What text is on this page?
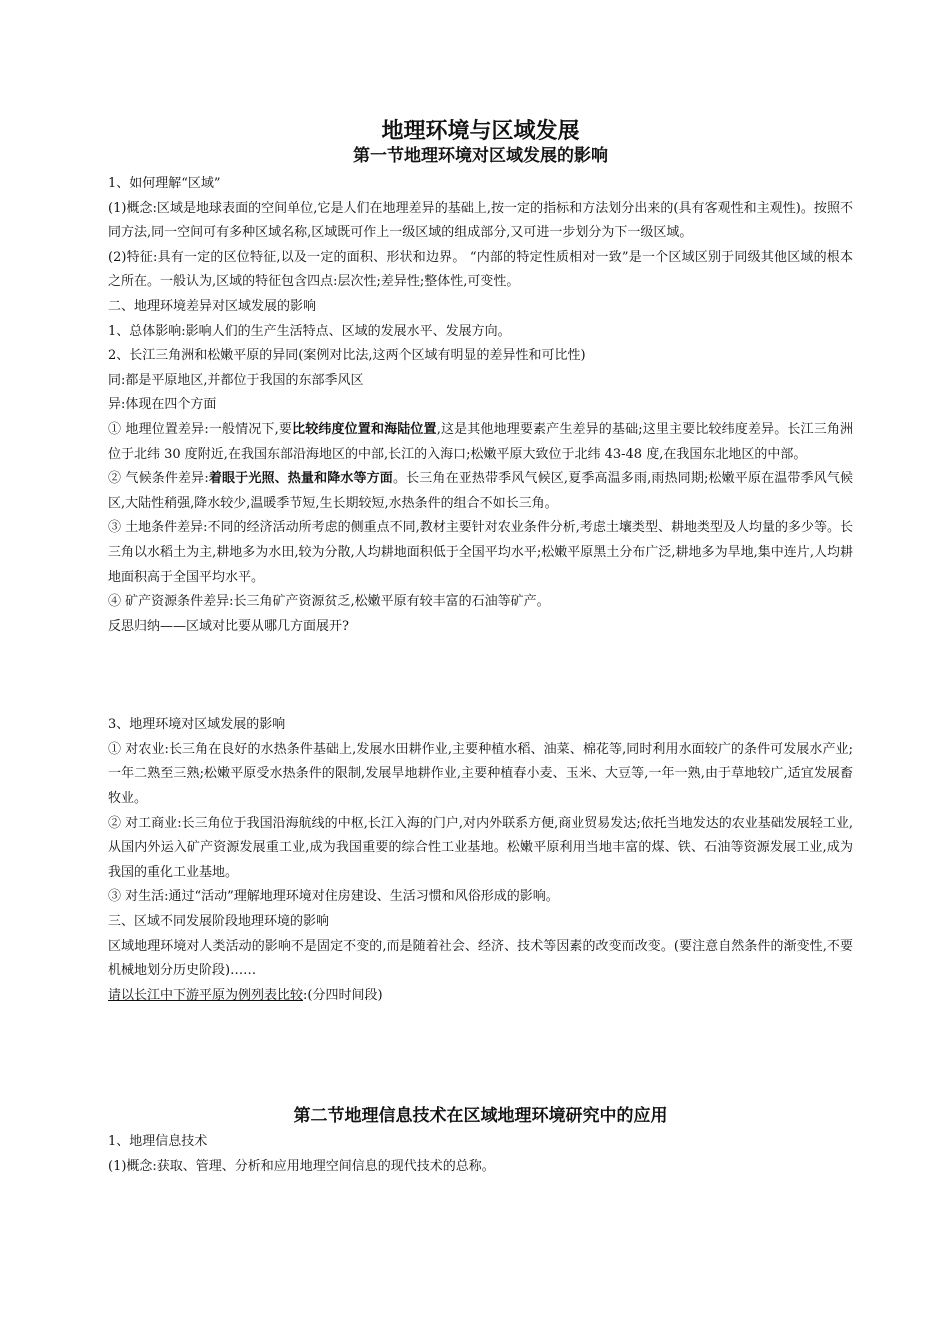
地理环境与区域发展
第一节地理环境对区域发展的影响

1、如何理解“区域”

(1)概念:区域是地球表面的空间单位,它是人们在地理差异的基础上,按一定的指标和方法划分出来的(具有客观性和主观性)。按照不同方法,同一空间可有多种区域名称,区域既可作上一级区域的组成部分,又可进一步划分为下一级区域。

(2)特征:具有一定的区位特征,以及一定的面积、形状和边界。 “内部的特定性质相对一致”是一个区域区别于同级其他区域的根本之所在。一般认为,区域的特征包含四点:层次性;差异性;整体性,可变性。

二、地理环境差异对区域发展的影响

1、总体影响:影响人们的生产生活特点、区域的发展水平、发展方向。

2、长江三角洲和松嫩平原的异同(案例对比法,这两个区域有明显的差异性和可比性)

同:都是平原地区,并都位于我国的东部季风区

异:体现在四个方面

① 地理位置差异:一般情况下,要比较纬度位置和海陆位置,这是其他地理要素产生差异的基础;这里主要比较纬度差异。长江三角洲位于北纬 30 度附近,在我国东部沿海地区的中部,长江的入海口;松嫩平原大致位于北纬 43-48 度,在我国东北地区的中部。

② 气候条件差异:着眼于光照、热量和降水等方面。长三角在亚热带季风气候区,夏季高温多雨,雨热同期;松嫩平原在温带季风气候区,大陆性稍强,降水较少,温暖季节短,生长期较短,水热条件的组合不如长三角。

③ 土地条件差异:不同的经济活动所考虑的侧重点不同,教材主要针对农业条件分析,考虑土壤类型、耕地类型及人均量的多少等。长三角以水稻土为主,耕地多为水田,较为分散,人均耕地面积低于全国平均水平;松嫩平原黑土分布广泛,耕地多为旱地,集中连片,人均耕地面积高于全国平均水平。

④ 矿产资源条件差异:长三角矿产资源贫乏,松嫩平原有较丰富的石油等矿产。

反思归纳——区域对比要从哪几方面展开?

3、地理环境对区域发展的影响

① 对农业:长三角在良好的水热条件基础上,发展水田耕作业,主要种植水稻、油菜、棉花等,同时利用水面较广的条件可发展水产业;一年二熟至三熟;松嫩平原受水热条件的限制,发展旱地耕作业,主要种植春小麦、玉米、大豆等,一年一熟,由于草地较广,适宜发展畜牧业。

② 对工商业:长三角位于我国沿海航线的中枢,长江入海的门户,对内外联系方便,商业贸易发达;依托当地发达的农业基础发展轻工业,从国内外运入矿产资源发展重工业,成为我国重要的综合性工业基地。松嫩平原利用当地丰富的煤、铁、石油等资源发展工业,成为我国的重化工业基地。

③ 对生活:通过“活动”理解地理环境对住房建设、生活习惯和风俗形成的影响。

三、区域不同发展阶段地理环境的影响

区域地理环境对人类活动的影响不是固定不变的,而是随着社会、经济、技术等因素的改变而改变。(要注意自然条件的渐变性,不要机械地划分历史阶段)……

请以长江中下游平原为例列表比较:(分四时间段)

第二节地理信息技术在区域地理环境研究中的应用

1、地理信息技术

(1)概念:获取、管理、分析和应用地理空间信息的现代技术的总称。
